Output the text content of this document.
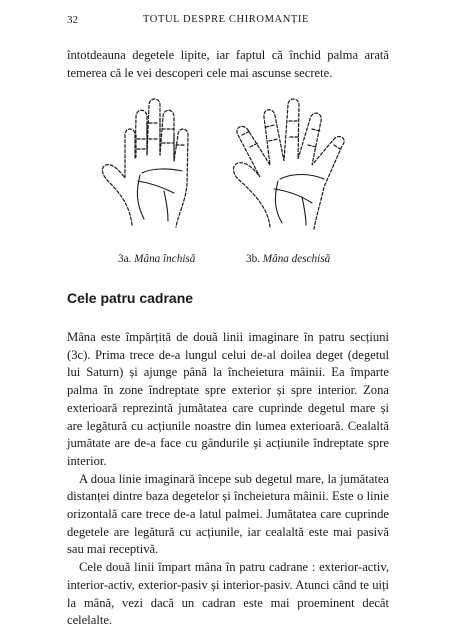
32	TOTUL DESPRE CHIROMANȚIE

întotdeauna degetele lipite, iar faptul că închid palma arată temerea că le vei descoperi cele mai ascunse secrete.

3a. Mâna închisă	3b. Mâna deschisă
Cele patru cadrane

Mâna este împărțită de două linii imaginare în patru secțiuni (3c). Prima trece de-a lungul celui de-al doilea deget (degetul lui Saturn) și ajunge până la încheietura mâinii. Ea împarte palma în zone îndreptate spre exterior și spre interior. Zona exterioară reprezintă jumătatea care cuprinde degetul mare și are legătură cu acțiunile noastre din lumea exterioară. Cealaltă jumătate are de-a face cu gândurile și acțiunile îndreptate spre interior.

A doua linie imaginară începe sub degetul mare, la jumătatea distanței dintre baza degetelor și încheietura mâinii. Este o linie orizontală care trece de-a latul palmei. Jumătatea care cuprinde degetele are legătură cu acțiunile, iar cealaltă este mai pasivă sau mai receptivă.

Cele două linii împart mâna în patru cadrane : exterior-activ, interior-activ, exterior-pasiv și interior-pasiv. Atunci când te uiți la mână, vezi dacă un cadran este mai proeminent decât celelalte.
